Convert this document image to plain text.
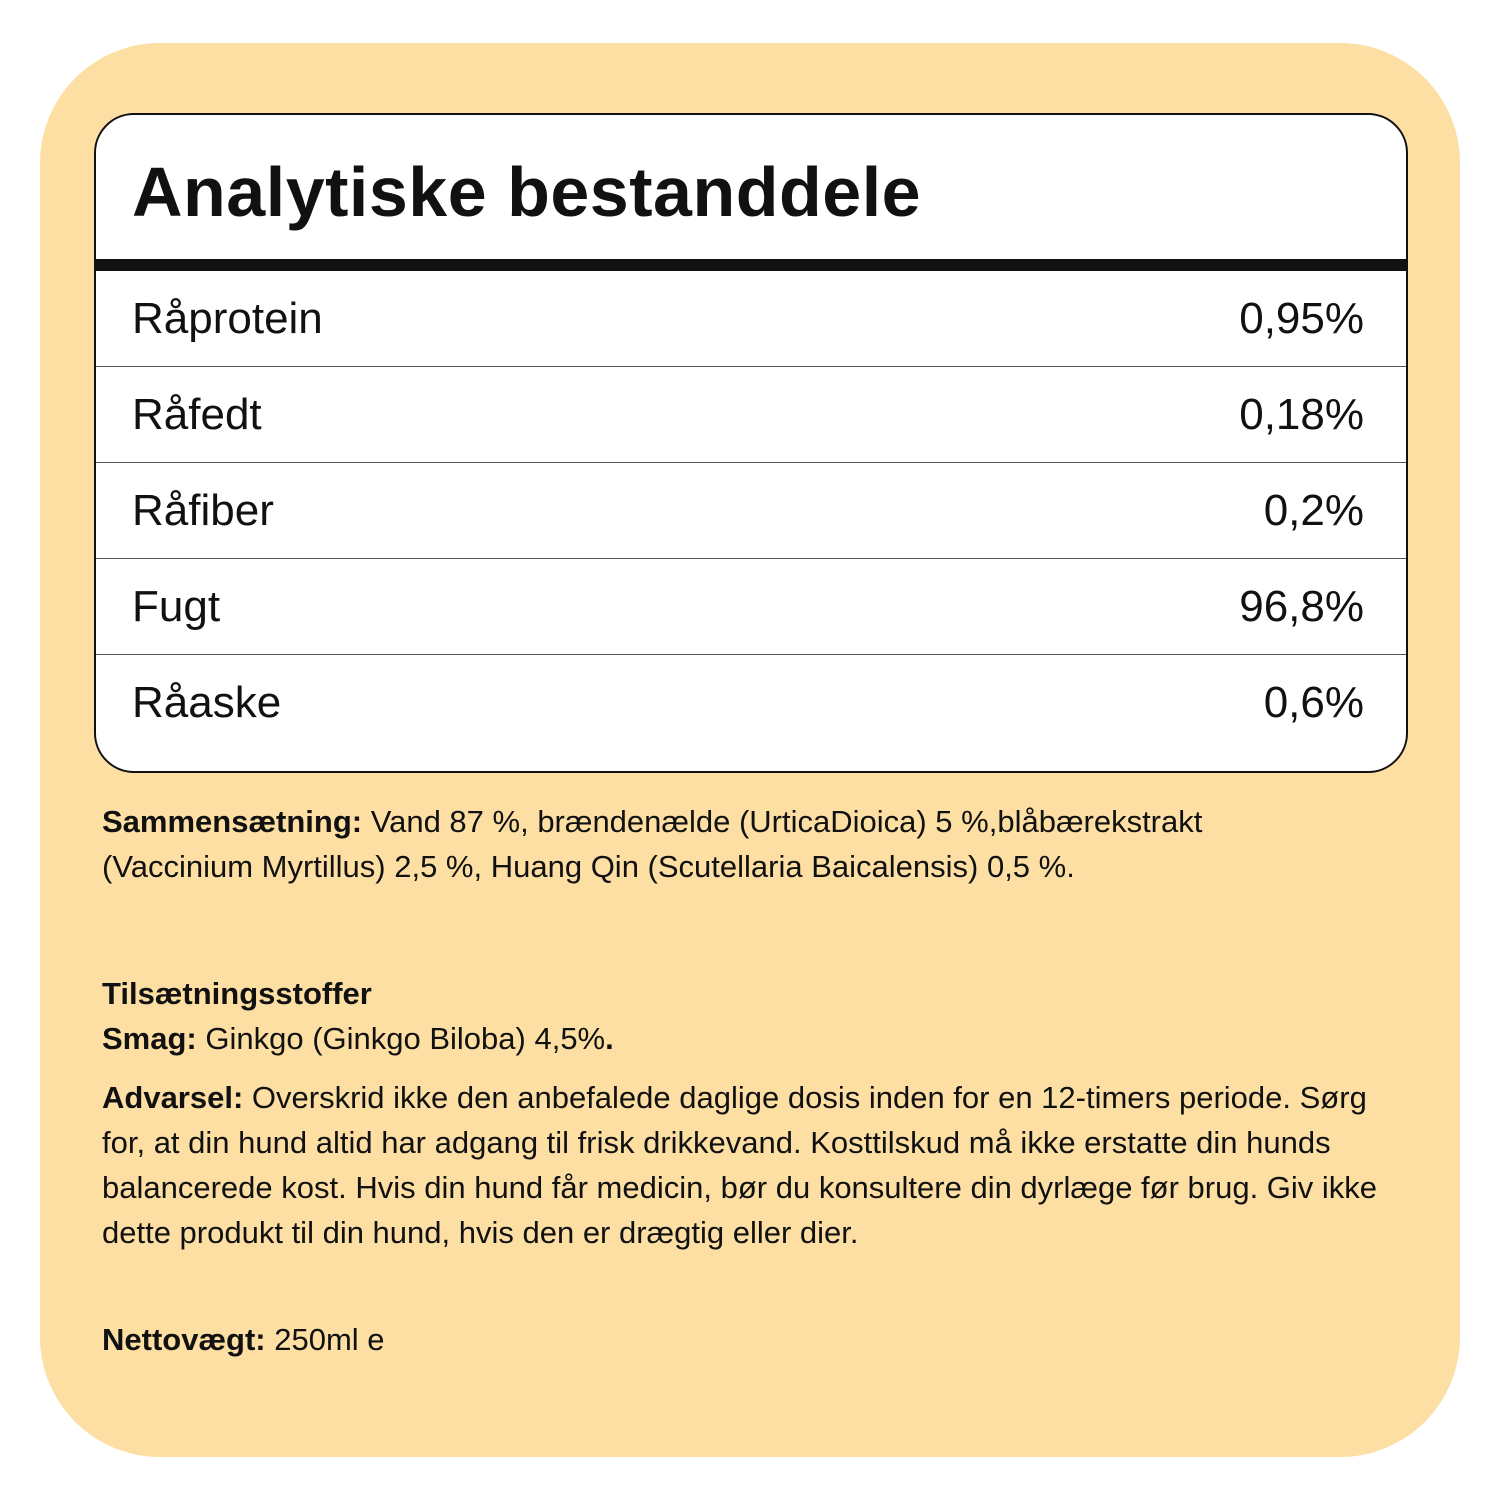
Analytiske bestanddele
Råprotein	0,95%
Råfedt	0,18%
Råfiber	0,2%
Fugt	96,8%
Råaske	0,6%

Sammensætning: Vand 87 %, brændenælde (UrticaDioica) 5 %,blåbærekstrakt (Vaccinium Myrtillus) 2,5 %, Huang Qin (Scutellaria Baicalensis) 0,5 %.

Tilsætningsstoffer
Smag: Ginkgo (Ginkgo Biloba) 4,5%.

Advarsel: Overskrid ikke den anbefalede daglige dosis inden for en 12-timers periode. Sørg for, at din hund altid har adgang til frisk drikkevand. Kosttilskud må ikke erstatte din hunds balancerede kost. Hvis din hund får medicin, bør du konsultere din dyrlæge før brug. Giv ikke dette produkt til din hund, hvis den er drægtig eller dier.

Nettovægt: 250ml e
